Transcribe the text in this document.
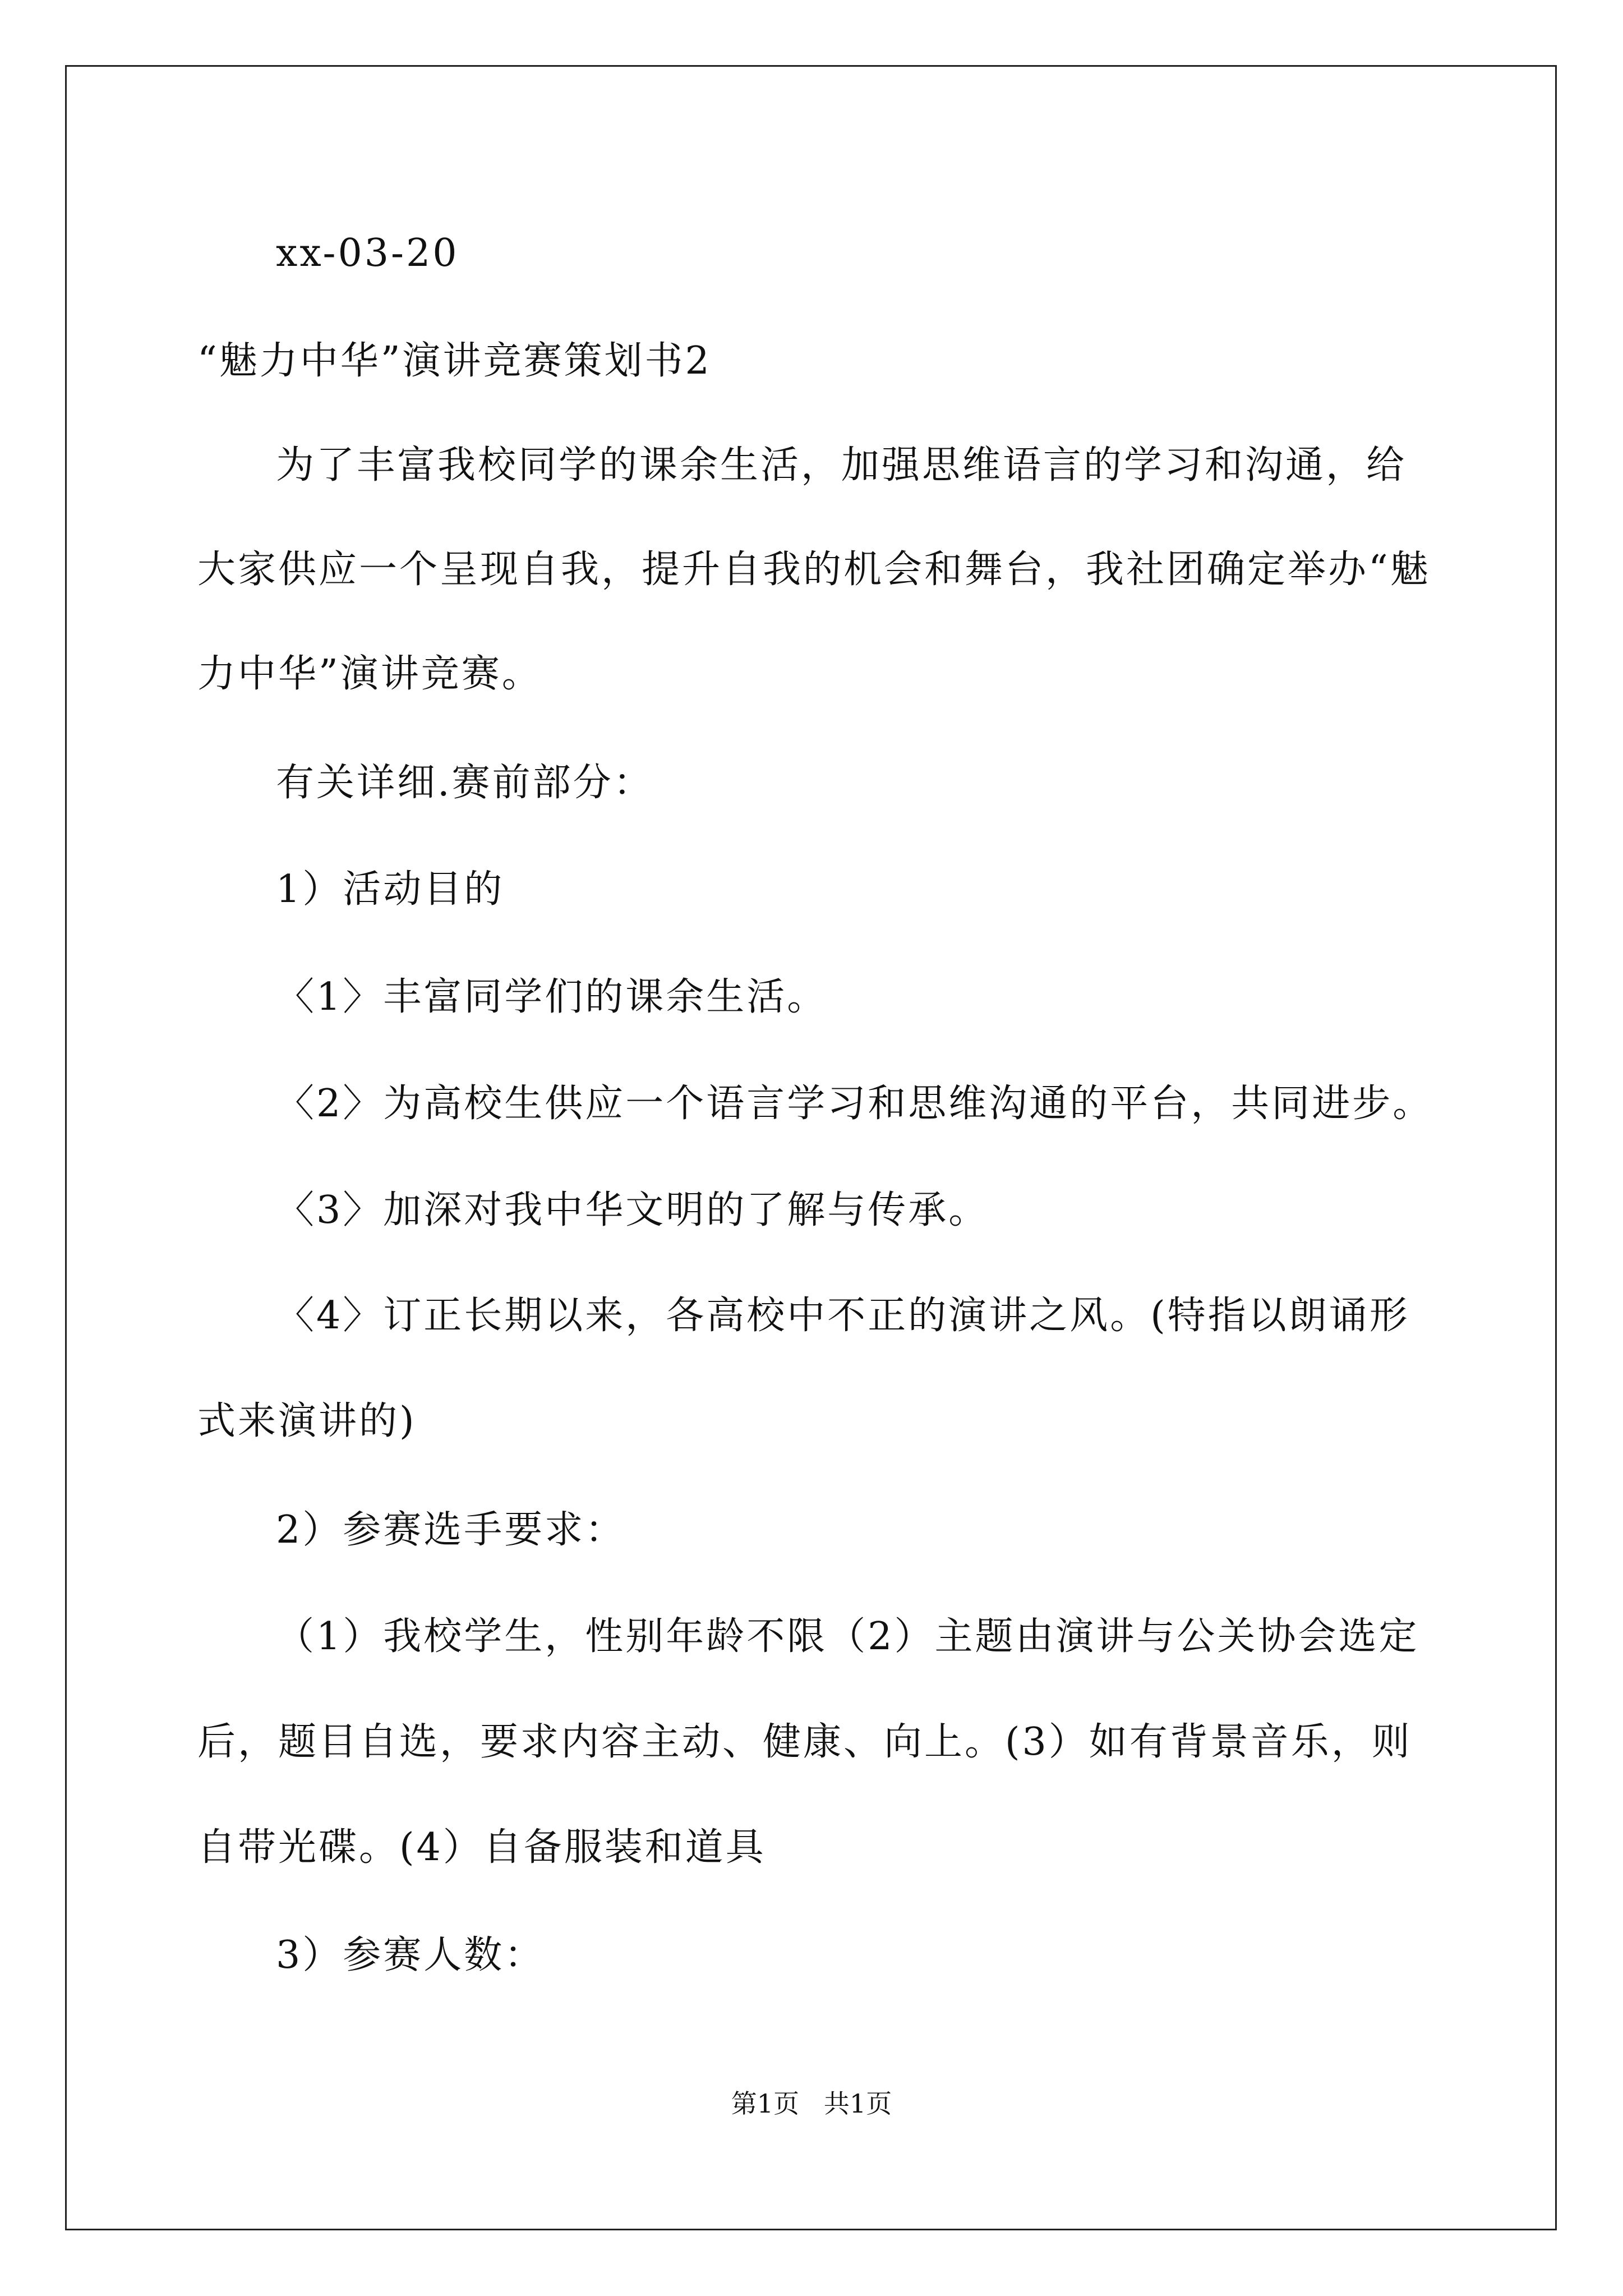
xx-03-20
“魅力中华”演讲竞赛策划书2
为了丰富我校同学的课余生活，加强思维语言的学习和沟通，给
大家供应一个呈现自我，提升自我的机会和舞台，我社团确定举办“魅
力中华”演讲竞赛。
有关详细.赛前部分：
1）活动目的
〈1〉丰富同学们的课余生活。
〈2〉为高校生供应一个语言学习和思维沟通的平台，共同进步。
〈3〉加深对我中华文明的了解与传承。
〈4〉订正长期以来，各高校中不正的演讲之风。(特指以朗诵形
式来演讲的)
2）参赛选手要求：
（1）我校学生，性别年龄不限（2）主题由演讲与公关协会选定
后，题目自选，要求内容主动、健康、向上。(3）如有背景音乐，则
自带光碟。(4）自备服装和道具
3）参赛人数：
第1页   共1页
